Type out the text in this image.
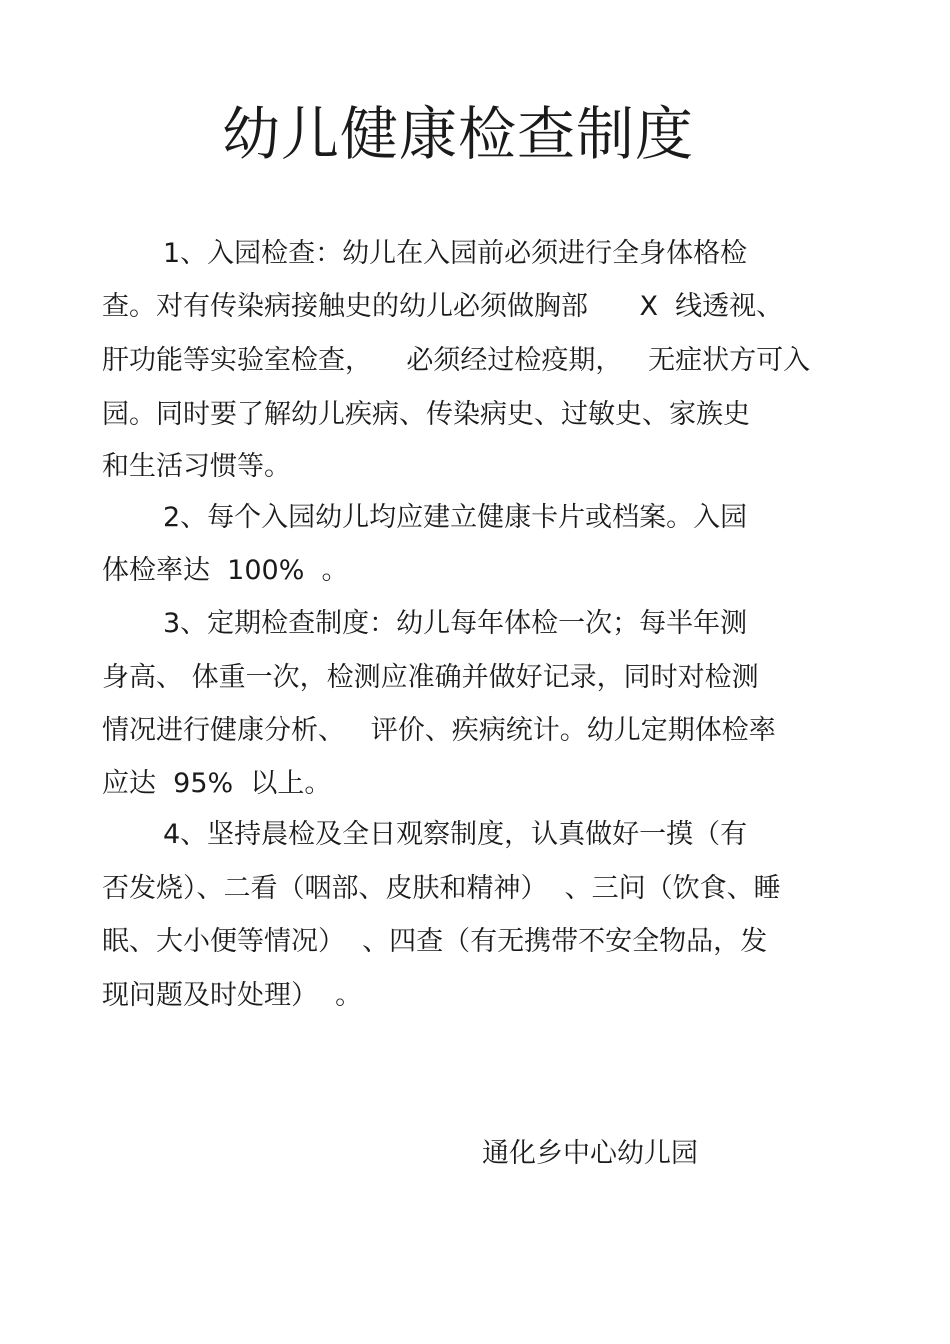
幼儿健康检查制度

1、入园检查：幼儿在入园前必须进行全身体格检

查。对有传染病接触史的幼儿必须做胸部      X  线透视、

肝功能等实验室检查，    必须经过检疫期，   无症状方可入

园。同时要了解幼儿疾病、传染病史、过敏史、家族史

和生活习惯等。

2、每个入园幼儿均应建立健康卡片或档案。入园

体检率达  100%  。

3、定期检查制度：幼儿每年体检一次；每半年测

身高、 体重一次，检测应准确并做好记录，同时对检测

情况进行健康分析、   评价、疾病统计。幼儿定期体检率

应达  95%  以上。

4、坚持晨检及全日观察制度，认真做好一摸（有

否发烧）、二看（咽部、皮肤和精神）  、三问（饮食、睡

眠、大小便等情况）  、四查（有无携带不安全物品，发

现问题及时处理）  。

通化乡中心幼儿园
